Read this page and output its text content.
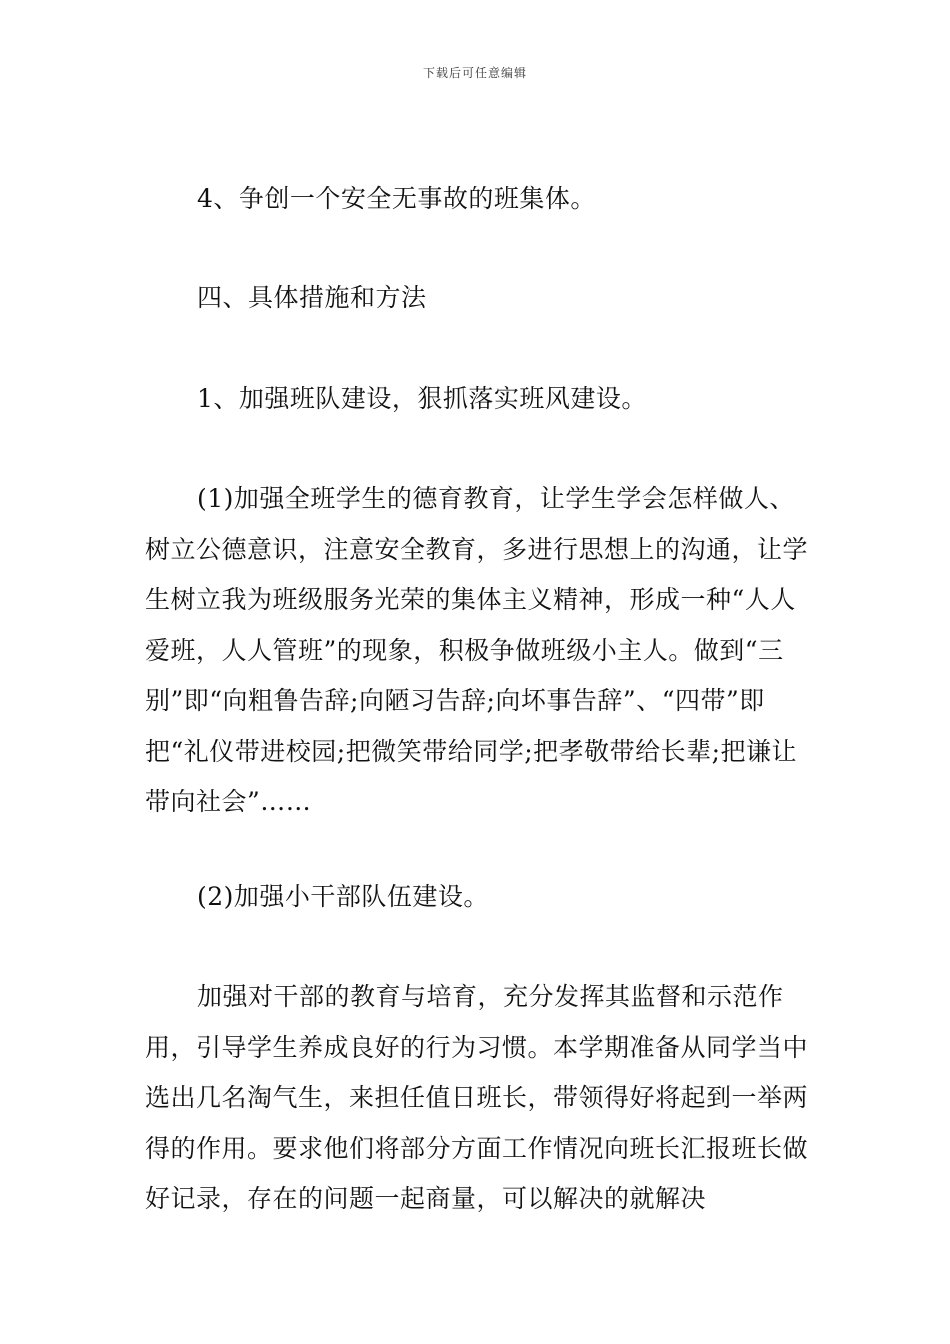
下载后可任意编辑

4、争创一个安全无事故的班集体。

四、具体措施和方法

1、加强班队建设，狠抓落实班风建设。

(1)加强全班学生的德育教育，让学生学会怎样做人、树立公德意识，注意安全教育，多进行思想上的沟通，让学生树立我为班级服务光荣的集体主义精神，形成一种“人人爱班，人人管班”的现象，积极争做班级小主人。做到“三别”即“向粗鲁告辞;向陋习告辞;向坏事告辞”、“四带”即把“礼仪带进校园;把微笑带给同学;把孝敬带给长辈;把谦让带向社会”……

(2)加强小干部队伍建设。

加强对干部的教育与培育，充分发挥其监督和示范作用，引导学生养成良好的行为习惯。本学期准备从同学当中选出几名淘气生，来担任值日班长，带领得好将起到一举两得的作用。要求他们将部分方面工作情况向班长汇报班长做好记录，存在的问题一起商量，可以解决的就解决
